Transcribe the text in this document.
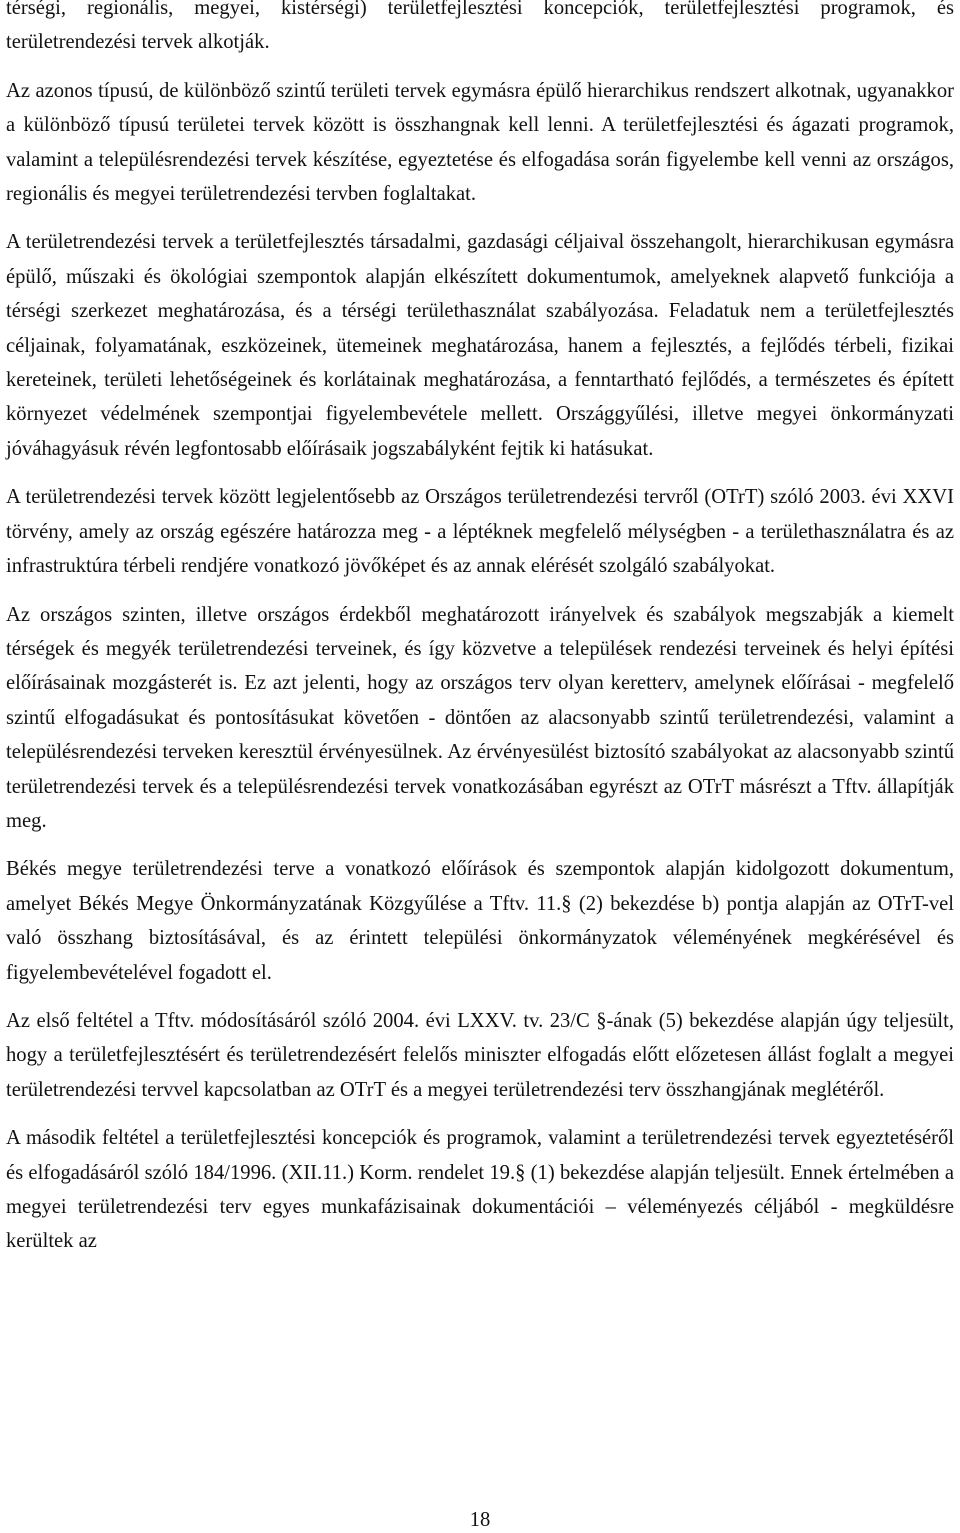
térségi, regionális, megyei, kistérségi) területfejlesztési koncepciók, területfejlesztési programok, és területrendezési tervek alkotják.

Az azonos típusú, de különböző szintű területi tervek egymásra épülő hierarchikus rendszert alkotnak, ugyanakkor a különböző típusú területei tervek között is összhangnak kell lenni. A területfejlesztési és ágazati programok, valamint a településrendezési tervek készítése, egyeztetése és elfogadása során figyelembe kell venni az országos, regionális és megyei területrendezési tervben foglaltakat.

A területrendezési tervek a területfejlesztés társadalmi, gazdasági céljaival összehangolt, hierarchikusan egymásra épülő, műszaki és ökológiai szempontok alapján elkészített dokumentumok, amelyeknek alapvető funkciója a térségi szerkezet meghatározása, és a térségi területhasználat szabályozása. Feladatuk nem a területfejlesztés céljainak, folyamatának, eszközeinek, ütemeinek meghatározása, hanem a fejlesztés, a fejlődés térbeli, fizikai kereteinek, területi lehetőségeinek és korlátainak meghatározása, a fenntartható fejlődés, a természetes és épített környezet védelmének szempontjai figyelembevétele mellett. Országgyűlési, illetve megyei önkormányzati jóváhagyásuk révén legfontosabb előírásaik jogszabályként fejtik ki hatásukat.

A területrendezési tervek között legjelentősebb az Országos területrendezési tervről (OTrT) szóló 2003. évi XXVI törvény, amely az ország egészére határozza meg - a léptéknek megfelelő mélységben - a területhasználatra és az infrastruktúra térbeli rendjére vonatkozó jövőképet és az annak elérését szolgáló szabályokat.

Az országos szinten, illetve országos érdekből meghatározott irányelvek és szabályok megszabják a kiemelt térségek és megyék területrendezési terveinek, és így közvetve a települések rendezési terveinek és helyi építési előírásainak mozgásterét is. Ez azt jelenti, hogy az országos terv olyan keretterv, amelynek előírásai - megfelelő szintű elfogadásukat és pontosításukat követően - döntően az alacsonyabb szintű területrendezési, valamint a településrendezési terveken keresztül érvényesülnek. Az érvényesülést biztosító szabályokat az alacsonyabb szintű területrendezési tervek és a településrendezési tervek vonatkozásában egyrészt az OTrT másrészt a Tftv. állapítják meg.

Békés megye területrendezési terve a vonatkozó előírások és szempontok alapján kidolgozott dokumentum, amelyet Békés Megye Önkormányzatának Közgyűlése a Tftv. 11.§ (2) bekezdése b) pontja alapján az OTrT-vel való összhang biztosításával, és az érintett települési önkormányzatok véleményének megkérésével és figyelembevételével fogadott el.

Az első feltétel a Tftv. módosításáról szóló 2004. évi LXXV. tv. 23/C §-ának (5) bekezdése alapján úgy teljesült, hogy a területfejlesztésért és területrendezésért felelős miniszter elfogadás előtt előzetesen állást foglalt a megyei területrendezési tervvel kapcsolatban az OTrT és a megyei területrendezési terv összhangjának meglétéről.

A második feltétel a területfejlesztési koncepciók és programok, valamint a területrendezési tervek egyeztetéséről és elfogadásáról szóló 184/1996. (XII.11.) Korm. rendelet 19.§ (1) bekezdése alapján teljesült. Ennek értelmében a megyei területrendezési terv egyes munkafázisainak dokumentációi – véleményezés céljából - megküldésre kerültek az

18
